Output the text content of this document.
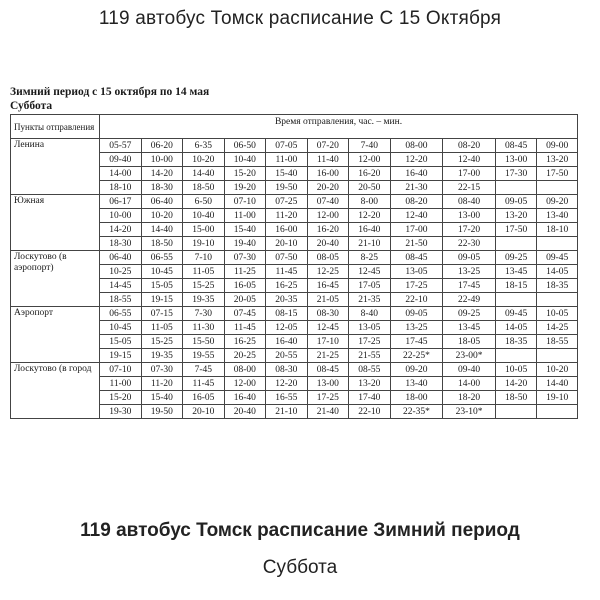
119 автобус Томск расписание С 15 Октября
Зимний период с 15 октября по 14 мая
Суббота
Пункты отправления	Время отправления, час. – мин.										
Ленина	05-57	06-20	6-35	06-50	07-05	07-20	7-40	08-00	08-20	08-45	09-00
	09-40	10-00	10-20	10-40	11-00	11-40	12-00	12-20	12-40	13-00	13-20
	14-00	14-20	14-40	15-20	15-40	16-00	16-20	16-40	17-00	17-30	17-50
	18-10	18-30	18-50	19-20	19-50	20-20	20-50	21-30	22-15		
Южная	06-17	06-40	6-50	07-10	07-25	07-40	8-00	08-20	08-40	09-05	09-20
	10-00	10-20	10-40	11-00	11-20	12-00	12-20	12-40	13-00	13-20	13-40
	14-20	14-40	15-00	15-40	16-00	16-20	16-40	17-00	17-20	17-50	18-10
	18-30	18-50	19-10	19-40	20-10	20-40	21-10	21-50	22-30		
Лоскутово (в аэропорт)	06-40	06-55	7-10	07-30	07-50	08-05	8-25	08-45	09-05	09-25	09-45
	10-25	10-45	11-05	11-25	11-45	12-25	12-45	13-05	13-25	13-45	14-05
	14-45	15-05	15-25	16-05	16-25	16-45	17-05	17-25	17-45	18-15	18-35
	18-55	19-15	19-35	20-05	20-35	21-05	21-35	22-10	22-49		
Аэропорт	06-55	07-15	7-30	07-45	08-15	08-30	8-40	09-05	09-25	09-45	10-05
	10-45	11-05	11-30	11-45	12-05	12-45	13-05	13-25	13-45	14-05	14-25
	15-05	15-25	15-50	16-25	16-40	17-10	17-25	17-45	18-05	18-35	18-55
	19-15	19-35	19-55	20-25	20-55	21-25	21-55	22-25*	23-00*		
Лоскутово (в город	07-10	07-30	7-45	08-00	08-30	08-45	08-55	09-20	09-40	10-05	10-20
	11-00	11-20	11-45	12-00	12-20	13-00	13-20	13-40	14-00	14-20	14-40
	15-20	15-40	16-05	16-40	16-55	17-25	17-40	18-00	18-20	18-50	19-10
	19-30	19-50	20-10	20-40	21-10	21-40	22-10	22-35*	23-10*		
119 автобус Томск расписание Зимний период
Суббота
